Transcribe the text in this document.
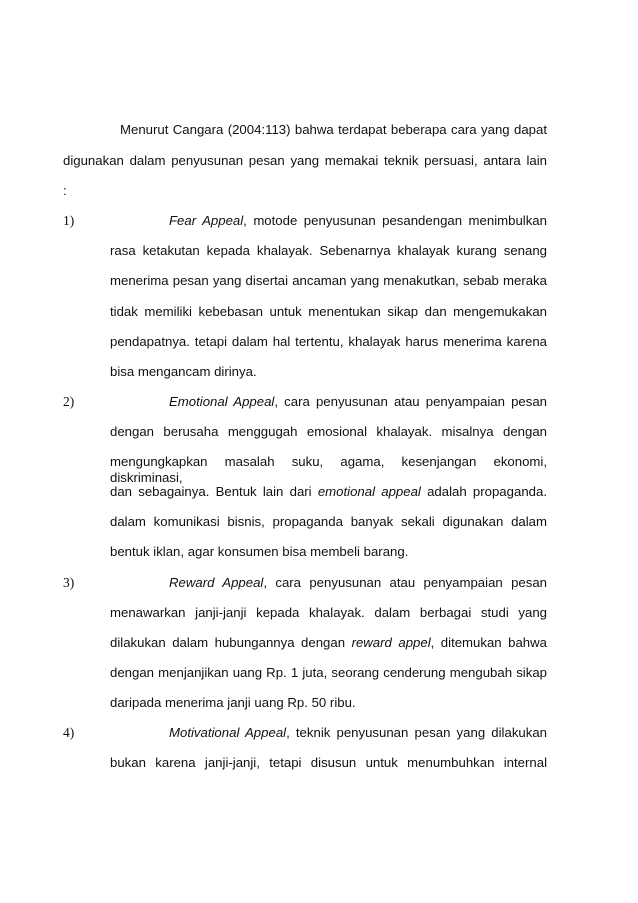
Menurut Cangara (2004:113) bahwa terdapat beberapa cara yang dapat
digunakan dalam penyusunan pesan yang memakai teknik persuasi, antara lain
:
1)	Fear Appeal, motode penyusunan pesandengan menimbulkan
rasa ketakutan kepada khalayak. Sebenarnya khalayak kurang senang
menerima pesan yang disertai ancaman yang menakutkan, sebab meraka
tidak memiliki kebebasan untuk menentukan sikap dan mengemukakan
pendapatnya. tetapi dalam hal tertentu, khalayak harus menerima karena
bisa mengancam dirinya.
2)	Emotional Appeal, cara penyusunan atau penyampaian pesan
dengan berusaha menggugah emosional khalayak. misalnya dengan
mengungkapkan masalah suku, agama, kesenjangan ekonomi, diskriminasi,
dan sebagainya. Bentuk lain dari emotional appeal adalah propaganda.
dalam komunikasi bisnis, propaganda banyak sekali digunakan dalam
bentuk iklan, agar konsumen bisa membeli barang.
3)	Reward Appeal, cara penyusunan atau penyampaian pesan
menawarkan janji-janji kepada khalayak. dalam berbagai studi yang
dilakukan dalam hubungannya dengan reward appel, ditemukan bahwa
dengan menjanjikan uang Rp. 1 juta, seorang cenderung mengubah sikap
daripada menerima janji uang Rp. 50 ribu.
4)	Motivational Appeal, teknik penyusunan pesan yang dilakukan
bukan karena janji-janji, tetapi disusun untuk menumbuhkan internal
